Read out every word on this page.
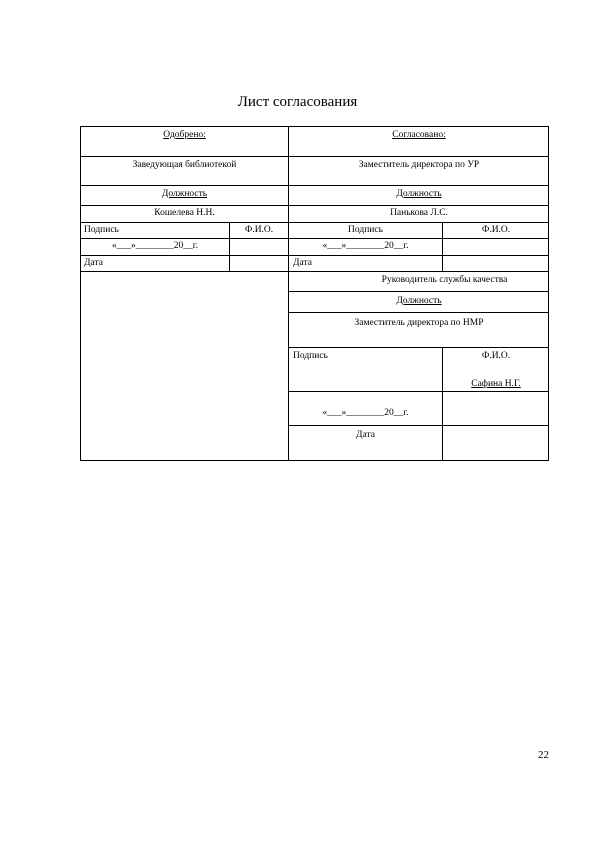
Лист согласования
Одобрено:
Заведующая библиотекой
Должность
Кошелева Н.Н.
Подпись	Ф.И.О.
«___»________20__г.
Дата
Согласовано:
Заместитель директора по УР
Должность
Панькова Л.С.
Подпись	Ф.И.О.
«___»________20__г.
Дата
Руководитель службы качества
Должность
Заместитель директора по НМР
Подпись	Ф.И.О.
Сафина Н.Г.
«___»________20__г.
Дата
22
